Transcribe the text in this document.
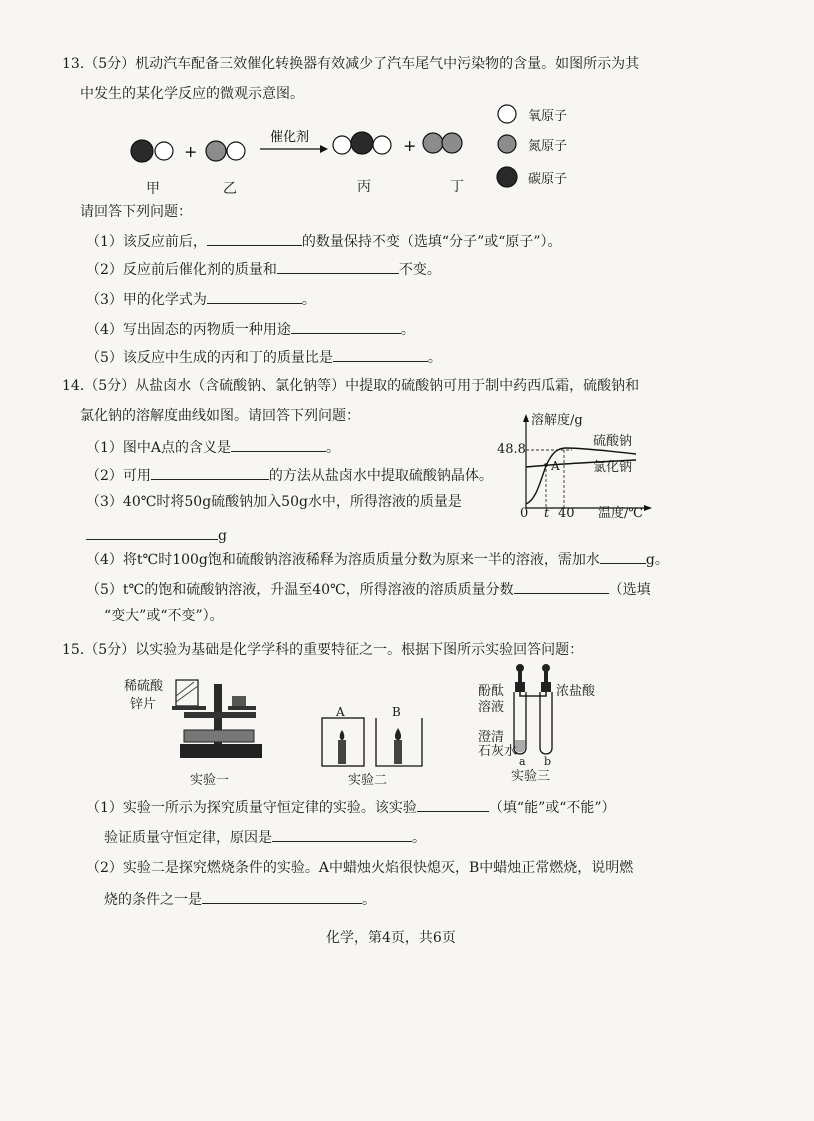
13.（5分）机动汽车配备三效催化转换器有效减少了汽车尾气中污染物的含量。如图所示为其
中发生的某化学反应的微观示意图。
+
催化剂	+
甲	乙	丙	丁
氧原子
氮原子
碳原子
请回答下列问题：
（1）该反应前后，	的数量保持不变（选填“分子”或“原子”）。
（2）反应前后催化剂的质量和	不变。
（3）甲的化学式为	。
（4）写出固态的丙物质一种用途	。
（5）该反应中生成的丙和丁的质量比是	。
14.（5分）从盐卤水（含硫酸钠、氯化钠等）中提取的硫酸钠可用于制中药西瓜霜，硫酸钠和
氯化钠的溶解度曲线如图。请回答下列问题：
（1）图中A点的含义是	。
（2）可用	的方法从盐卤水中提取硫酸钠晶体。
（3）40℃时将50g硫酸钠加入50g水中，所得溶液的质量是
g
溶解度/g
48.8
硫酸钠
氯化钠
A
0 t 40 温度/℃
（4）将t℃时100g饱和硫酸钠溶液稀释为溶质质量分数为原来一半的溶液，需加水	g。
（5）t℃的饱和硫酸钠溶液，升温至40℃，所得溶液的溶质质量分数	（选填
“变大”或“不变”）。
15.（5分）以实验为基础是化学学科的重要特征之一。根据下图所示实验回答问题：
稀硫酸
锌片
实验一
A	B
实验二
酚酞
溶液
浓盐酸
澄清
石灰水
a b
实验三
（1）实验一所示为探究质量守恒定律的实验。该实验	（填“能”或“不能”）
验证质量守恒定律，原因是	。
（2）实验二是探究燃烧条件的实验。A中蜡烛火焰很快熄灭，B中蜡烛正常燃烧，说明燃
烧的条件之一是	。
化学，第4页，共6页
